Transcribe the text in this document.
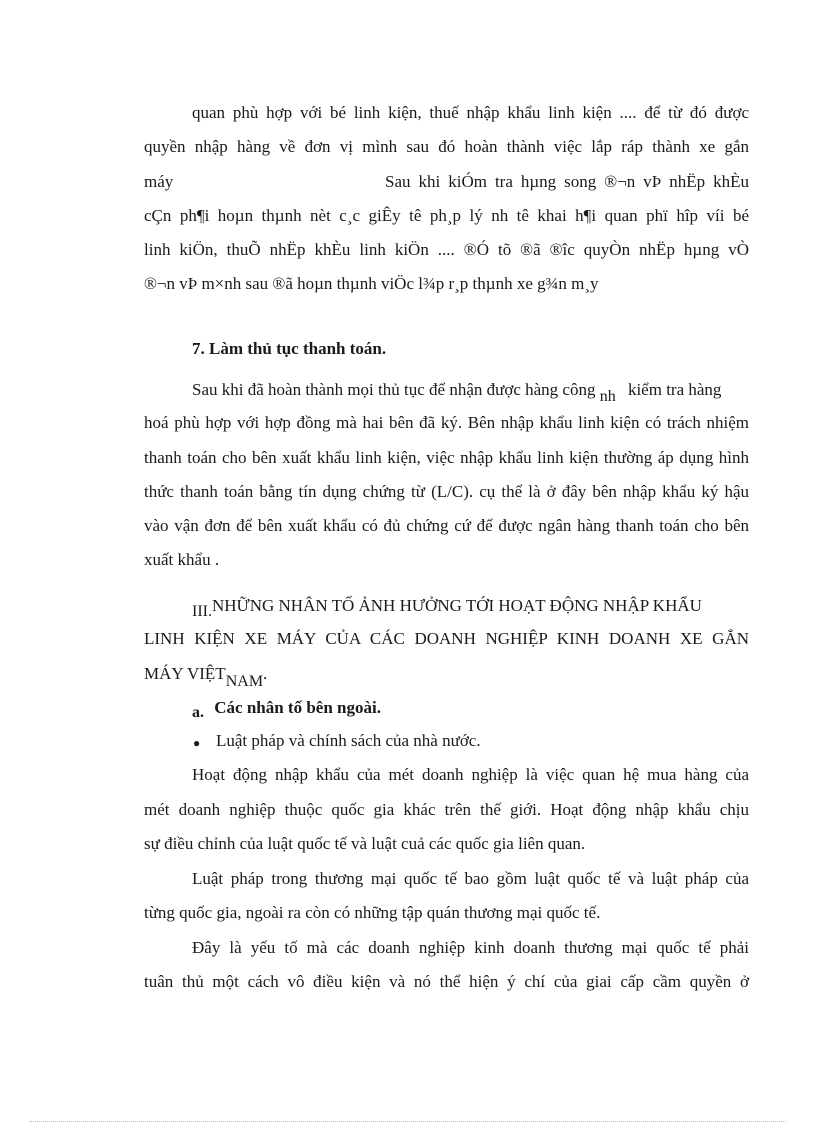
quan phù hợp với bé linh kiện, thuế nhập khẩu linh kiện .... để từ đó được
quyền nhập hàng về đơn vị mình sau đó hoàn thành việc lắp ráp thành xe gắn
máy	Sau khi kiÓm tra hµng song ®¬n vÞ nhËp khÈu
cÇn ph¶i hoµn thµnh nèt c¸c giÊy tê ph¸p lý nh tê khai h¶i quan phï hîp víi bé
linh kiÖn, thuÕ nhËp khÈu linh kiÖn .... ®Ó tõ ®ã ®îc quyÒn nhËp hµng vÒ
®¬n vÞ m×nh sau ®ã hoµn thµnh viÖc l¾p r¸p thµnh xe g¾n m¸y
7. Làm thủ tục thanh toán.
Sau khi đã hoàn thành mọi thủ tục để nhận được hàng công nh kiểm tra hàng
hoá phù hợp với hợp đồng mà hai bên đã ký. Bên nhập khẩu linh kiện có trách nhiệm
thanh toán cho bên xuất khẩu linh kiện, việc nhập khẩu linh kiện thường áp dụng hình
thức thanh toán bằng tín dụng chứng từ (L/C). cụ thể là ở đây bên nhập khẩu ký hậu
vào vận đơn để bên xuất khẩu có đủ chứng cứ để được ngân hàng thanh toán cho bên
xuất khẩu .
III.NHỮNG NHÂN TỐ ẢNH HƯỞNG TỚI HOẠT ĐỘNG NHẬP KHẨU
LINH KIỆN XE MÁY CỦA CÁC DOANH NGHIỆP KINH DOANH XE GẮN
MÁY VIỆTNAM.
a. Các nhân tố bên ngoài.
● Luật pháp và chính sách của nhà nước.
Hoạt động nhập khẩu của mét doanh nghiệp là việc quan hệ mua hàng của
mét doanh nghiệp thuộc quốc gia khác trên thế giới. Hoạt động nhập khẩu chịu
sự điều chỉnh của luật quốc tế và luật cuả các quốc gia liên quan.
Luật pháp trong thương mại quốc tế bao gồm luật quốc tế và luật pháp của
từng quốc gia, ngoài ra còn có những tập quán thương mại quốc tế.
Đây là yếu tố mà các doanh nghiệp kinh doanh thương mại quốc tế phải
tuân thủ một cách vô điều kiện và nó thể hiện ý chí của giai cấp cầm quyền ở
